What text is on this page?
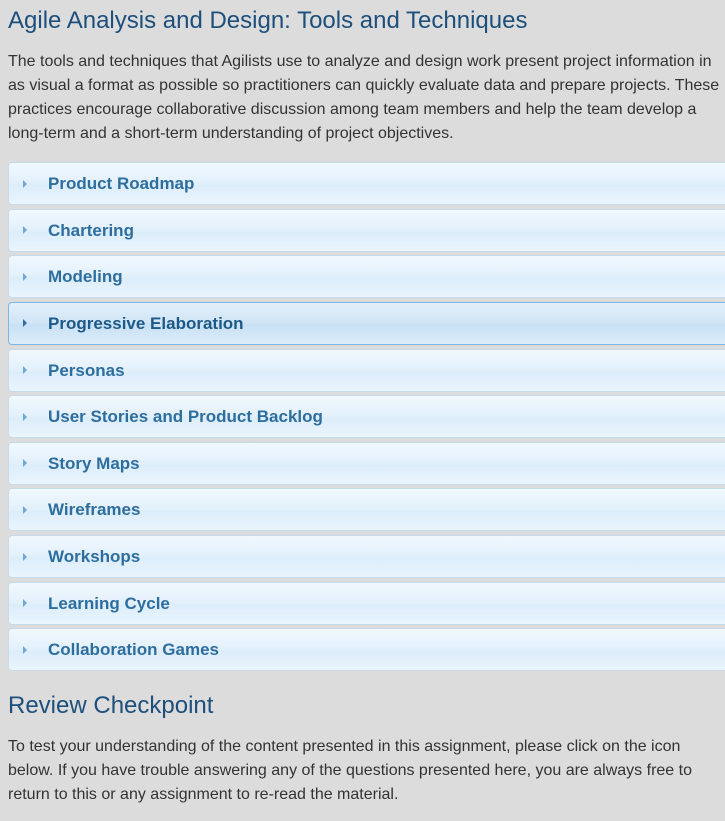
Agile Analysis and Design: Tools and Techniques

The tools and techniques that Agilists use to analyze and design work present project information in as visual a format as possible so practitioners can quickly evaluate data and prepare projects. These practices encourage collaborative discussion among team members and help the team develop a long-term and a short-term understanding of project objectives.

Product Roadmap
Chartering
Modeling
Progressive Elaboration
Personas
User Stories and Product Backlog
Story Maps
Wireframes
Workshops
Learning Cycle
Collaboration Games
Review Checkpoint

To test your understanding of the content presented in this assignment, please click on the icon below. If you have trouble answering any of the questions presented here, you are always free to return to this or any assignment to re-read the material.
